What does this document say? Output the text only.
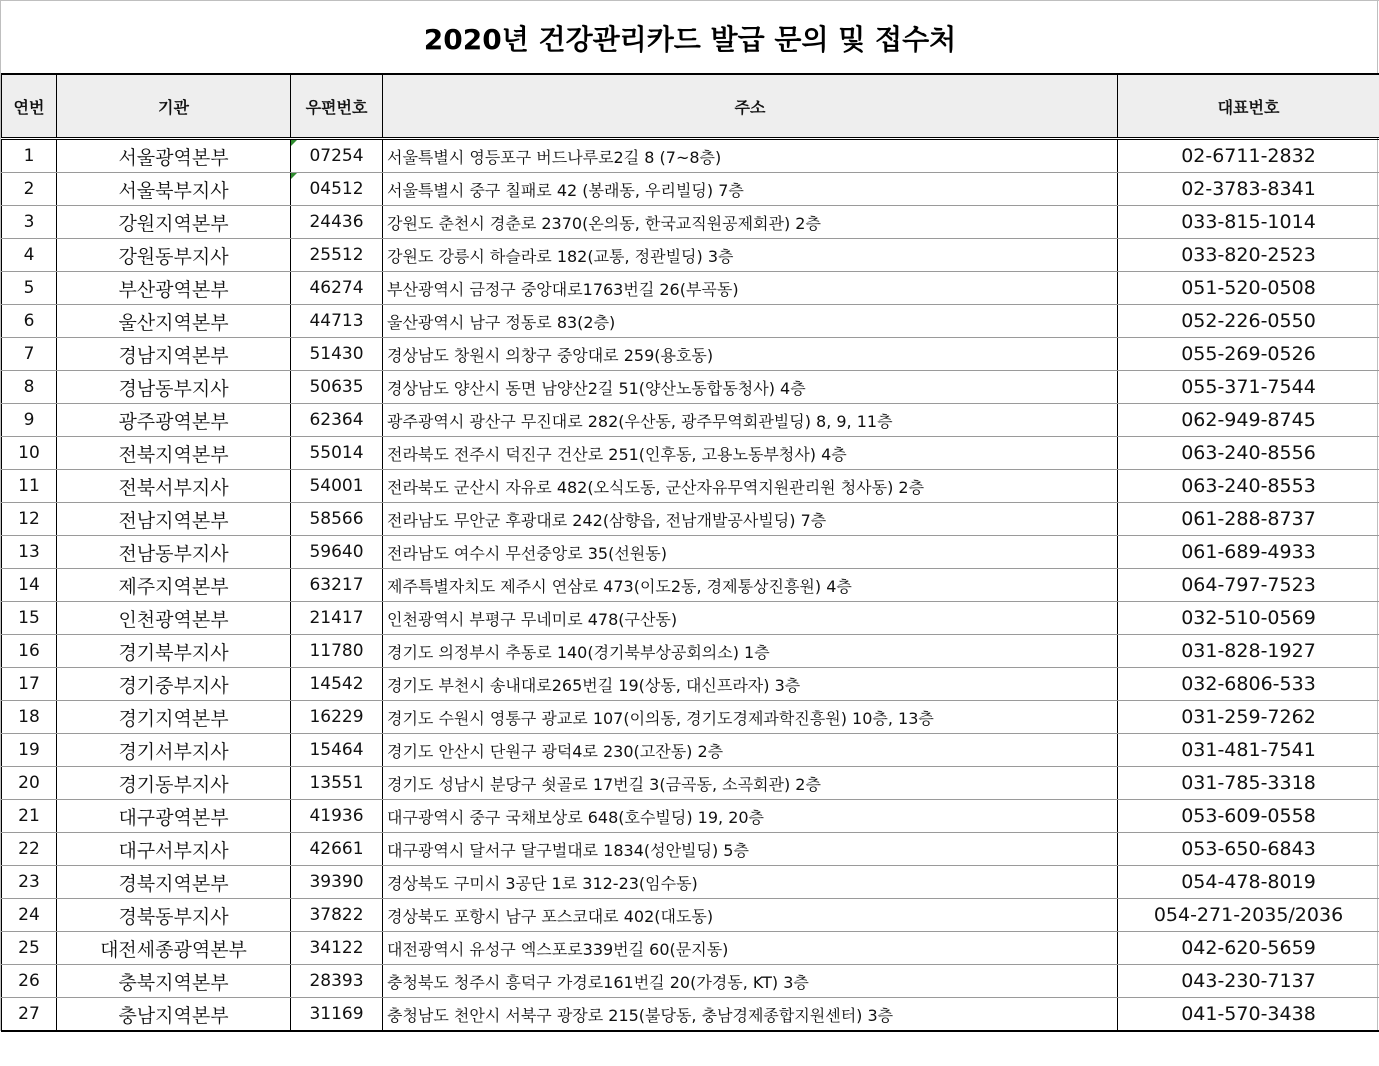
2020년 건강관리카드 발급 문의 및 접수처
연번	기관	우편번호	주소	대표번호
1	서울광역본부	07254	서울특별시 영등포구 버드나루로2길 8 (7~8층)	02-6711-2832
2	서울북부지사	04512	서울특별시 중구 칠패로 42 (봉래동, 우리빌딩) 7층	02-3783-8341
3	강원지역본부	24436	강원도 춘천시 경춘로 2370(온의동, 한국교직원공제회관) 2층	033-815-1014
4	강원동부지사	25512	강원도 강릉시 하슬라로 182(교통, 정관빌딩) 3층	033-820-2523
5	부산광역본부	46274	부산광역시 금정구 중앙대로1763번길 26(부곡동)	051-520-0508
6	울산지역본부	44713	울산광역시 남구 정동로 83(2층)	052-226-0550
7	경남지역본부	51430	경상남도 창원시 의창구 중앙대로 259(용호동)	055-269-0526
8	경남동부지사	50635	경상남도 양산시 동면 남양산2길 51(양산노동합동청사) 4층	055-371-7544
9	광주광역본부	62364	광주광역시 광산구 무진대로 282(우산동, 광주무역회관빌딩) 8, 9, 11층	062-949-8745
10	전북지역본부	55014	전라북도 전주시 덕진구 건산로 251(인후동, 고용노동부청사) 4층	063-240-8556
11	전북서부지사	54001	전라북도 군산시 자유로 482(오식도동, 군산자유무역지원관리원 청사동) 2층	063-240-8553
12	전남지역본부	58566	전라남도 무안군 후광대로 242(삼향읍, 전남개발공사빌딩) 7층	061-288-8737
13	전남동부지사	59640	전라남도 여수시 무선중앙로 35(선원동)	061-689-4933
14	제주지역본부	63217	제주특별자치도 제주시 연삼로 473(이도2동, 경제통상진흥원) 4층	064-797-7523
15	인천광역본부	21417	인천광역시 부평구 무네미로 478(구산동)	032-510-0569
16	경기북부지사	11780	경기도 의정부시 추동로 140(경기북부상공회의소) 1층	031-828-1927
17	경기중부지사	14542	경기도 부천시 송내대로265번길 19(상동, 대신프라자) 3층	032-6806-533
18	경기지역본부	16229	경기도 수원시 영통구 광교로 107(이의동, 경기도경제과학진흥원) 10층, 13층	031-259-7262
19	경기서부지사	15464	경기도 안산시 단원구 광덕4로 230(고잔동) 2층	031-481-7541
20	경기동부지사	13551	경기도 성남시 분당구 쇳골로 17번길 3(금곡동, 소곡회관) 2층	031-785-3318
21	대구광역본부	41936	대구광역시 중구 국채보상로 648(호수빌딩) 19, 20층	053-609-0558
22	대구서부지사	42661	대구광역시 달서구 달구벌대로 1834(성안빌딩) 5층	053-650-6843
23	경북지역본부	39390	경상북도 구미시 3공단 1로 312-23(임수동)	054-478-8019
24	경북동부지사	37822	경상북도 포항시 남구 포스코대로 402(대도동)	054-271-2035/2036
25	대전세종광역본부	34122	대전광역시 유성구 엑스포로339번길 60(문지동)	042-620-5659
26	충북지역본부	28393	충청북도 청주시 흥덕구 가경로161번길 20(가경동, KT) 3층	043-230-7137
27	충남지역본부	31169	충청남도 천안시 서북구 광장로 215(불당동, 충남경제종합지원센터) 3층	041-570-3438
